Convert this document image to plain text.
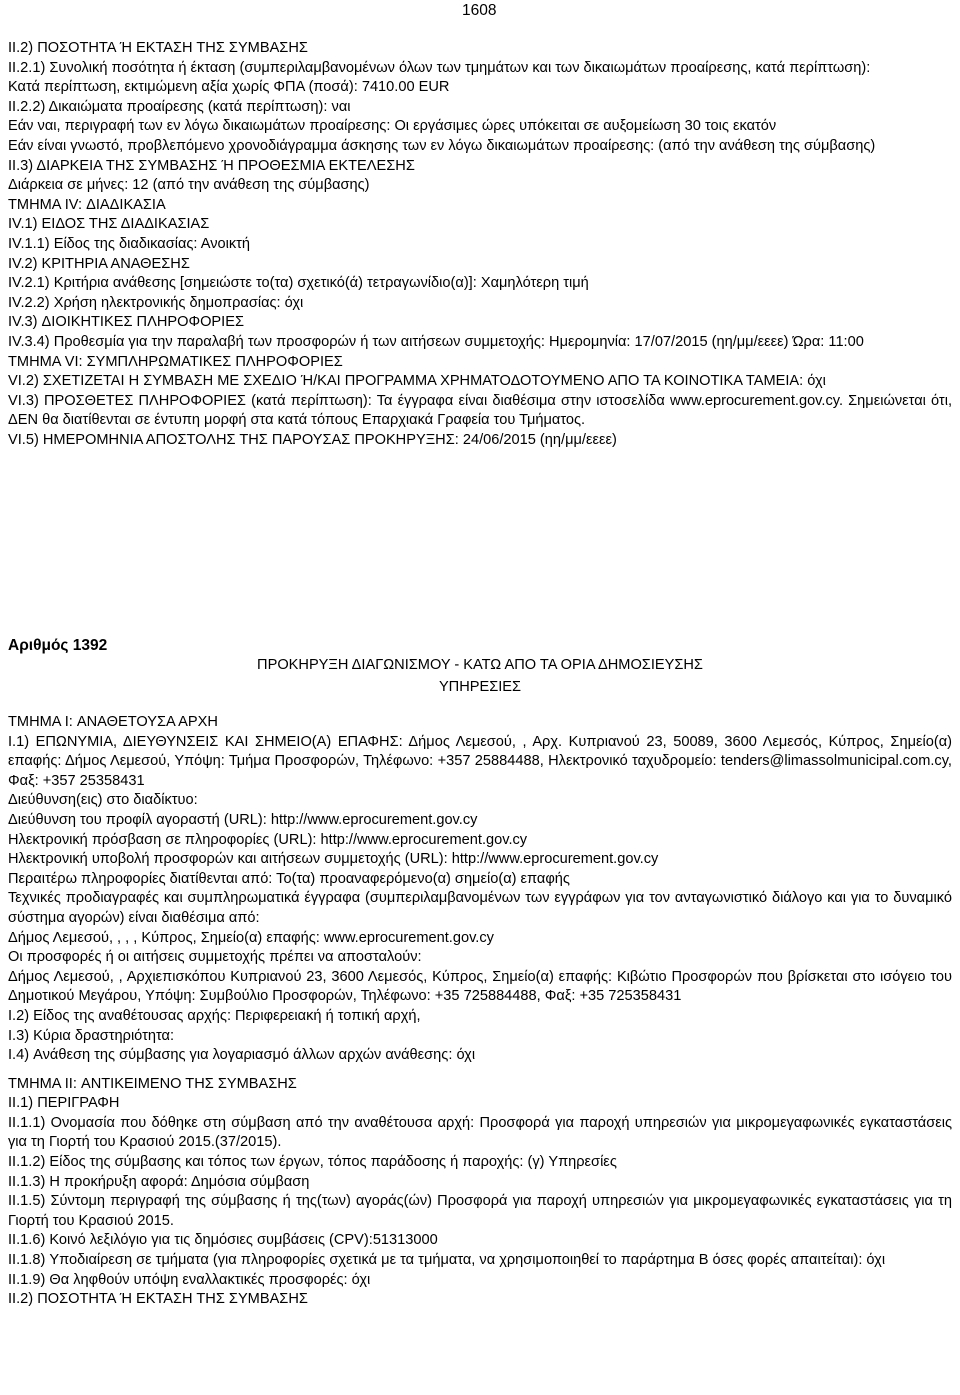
1608

ΙΙ.2) ΠΟΣΟΤΗΤΑ Ή ΕΚΤΑΣΗ ΤΗΣ ΣΥΜΒΑΣΗΣ

ΙΙ.2.1) Συνολική ποσότητα ή έκταση (συμπεριλαμβανομένων όλων των τμημάτων και των δικαιωμάτων προαίρεσης, κατά περίπτωση):

Κατά περίπτωση, εκτιμώμενη αξία χωρίς ΦΠΑ (ποσά): 7410.00 EUR

ΙΙ.2.2) Δικαιώματα προαίρεσης (κατά περίπτωση): ναι

Εάν ναι, περιγραφή των εν λόγω δικαιωμάτων προαίρεσης: Οι εργάσιμες ώρες υπόκειται σε αυξομείωση 30 τοις εκατόν

Εάν είναι γνωστό, προβλεπόμενο χρονοδιάγραμμα άσκησης των εν λόγω δικαιωμάτων προαίρεσης: (από την ανάθεση της σύμβασης)

ΙΙ.3) ΔΙΑΡΚΕΙΑ ΤΗΣ ΣΥΜΒΑΣΗΣ Ή ΠΡΟΘΕΣΜΙΑ ΕΚΤΕΛΕΣΗΣ

Διάρκεια σε μήνες: 12 (από την ανάθεση της σύμβασης)

ΤΜΗΜΑ IV: ΔΙΑΔΙΚΑΣΙΑ

IV.1) ΕΙΔΟΣ ΤΗΣ ΔΙΑΔΙΚΑΣΙΑΣ

IV.1.1) Είδος της διαδικασίας: Ανοικτή

IV.2) ΚΡΙΤΗΡΙΑ ΑΝΑΘΕΣΗΣ

IV.2.1) Κριτήρια ανάθεσης [σημειώστε το(τα) σχετικό(ά) τετραγωνίδιο(α)]: Χαμηλότερη τιμή

IV.2.2) Χρήση ηλεκτρονικής δημοπρασίας: όχι

IV.3) ΔΙΟΙΚΗΤΙΚΕΣ ΠΛΗΡΟΦΟΡΙΕΣ

IV.3.4) Προθεσμία για την παραλαβή των προσφορών ή των αιτήσεων συμμετοχής: Ημερομηνία: 17/07/2015 (ηη/μμ/εεεε) Ώρα: 11:00

ΤΜΗΜΑ VI: ΣΥΜΠΛΗΡΩΜΑΤΙΚΕΣ ΠΛΗΡΟΦΟΡΙΕΣ

VI.2) ΣΧΕΤΙΖΕΤΑΙ Η ΣΥΜΒΑΣΗ ΜΕ ΣΧΕΔΙΟ Ή/ΚΑΙ ΠΡΟΓΡΑΜΜΑ ΧΡΗΜΑΤΟΔΟΤΟΥΜΕΝΟ ΑΠΟ ΤΑ ΚΟΙΝΟΤΙΚΑ ΤΑΜΕΙΑ: όχι

VI.3) ΠΡΟΣΘΕΤΕΣ ΠΛΗΡΟΦΟΡΙΕΣ (κατά περίπτωση): Τα έγγραφα είναι διαθέσιμα στην ιστοσελίδα www.eprocurement.gov.cy. Σημειώνεται ότι, ΔΕΝ θα διατίθενται σε έντυπη μορφή στα κατά τόπους Επαρχιακά Γραφεία του Τμήματος.

VI.5) ΗΜΕΡΟΜΗΝΙΑ ΑΠΟΣΤΟΛΗΣ ΤΗΣ ΠΑΡΟΥΣΑΣ ΠΡΟΚΗΡΥΞΗΣ: 24/06/2015 (ηη/μμ/εεεε)

Αριθμός 1392
ΠΡΟΚΗΡΥΞΗ ΔΙΑΓΩΝΙΣΜΟΥ - ΚΑΤΩ ΑΠΟ ΤΑ ΟΡΙΑ ΔΗΜΟΣΙΕΥΣΗΣ
ΥΠΗΡΕΣΙΕΣ

ΤΜΗΜΑ I: ΑΝΑΘΕΤΟΥΣΑ ΑΡΧΗ

I.1) ΕΠΩΝΥΜΙΑ, ΔΙΕΥΘΥΝΣΕΙΣ ΚΑΙ ΣΗΜΕΙΟ(Α) ΕΠΑΦΗΣ: Δήμος Λεμεσού, , Αρχ. Κυπριανού 23, 50089, 3600 Λεμεσός, Κύπρος, Σημείο(α) επαφής: Δήμος Λεμεσού, Υπόψη: Τμήμα Προσφορών, Τηλέφωνο: +357 25884488, Ηλεκτρονικό ταχυδρομείο: tenders@limassolmunicipal.com.cy, Φαξ: +357 25358431

Διεύθυνση(εις) στο διαδίκτυο:

Διεύθυνση του προφίλ αγοραστή (URL): http://www.eprocurement.gov.cy

Ηλεκτρονική πρόσβαση σε πληροφορίες (URL): http://www.eprocurement.gov.cy

Ηλεκτρονική υποβολή προσφορών και αιτήσεων συμμετοχής (URL): http://www.eprocurement.gov.cy

Περαιτέρω πληροφορίες διατίθενται από: Το(τα) προαναφερόμενο(α) σημείο(α) επαφής

Τεχνικές προδιαγραφές και συμπληρωματικά έγγραφα (συμπεριλαμβανομένων των εγγράφων για τον ανταγωνιστικό διάλογο και για το δυναμικό σύστημα αγορών) είναι διαθέσιμα από:

Δήμος Λεμεσού, , , , Κύπρος, Σημείο(α) επαφής: www.eprocurement.gov.cy

Οι προσφορές ή οι αιτήσεις συμμετοχής πρέπει να αποσταλούν:

Δήμος Λεμεσού, , Αρχιεπισκόπου Κυπριανού 23, 3600 Λεμεσός, Κύπρος, Σημείο(α) επαφής: Κιβώτιο Προσφορών που βρίσκεται στο ισόγειο του Δημοτικού Μεγάρου, Υπόψη: Συμβούλιο Προσφορών, Τηλέφωνο: +35 725884488, Φαξ: +35 725358431

I.2) Είδος της αναθέτουσας αρχής: Περιφερειακή ή τοπική αρχή,

I.3) Κύρια δραστηριότητα:

I.4) Ανάθεση της σύμβασης για λογαριασμό άλλων αρχών ανάθεσης: όχι

ΤΜΗΜΑ II: ΑΝΤΙΚΕΙΜΕΝΟ ΤΗΣ ΣΥΜΒΑΣΗΣ

II.1) ΠΕΡΙΓΡΑΦΗ

II.1.1) Ονομασία που δόθηκε στη σύμβαση από την αναθέτουσα αρχή: Προσφορά για παροχή υπηρεσιών για μικρομεγαφωνικές εγκαταστάσεις για τη Γιορτή του Κρασιού 2015.(37/2015).

II.1.2) Είδος της σύμβασης και τόπος των έργων, τόπος παράδοσης ή παροχής: (γ) Υπηρεσίες

II.1.3) Η προκήρυξη αφορά: Δημόσια σύμβαση

II.1.5) Σύντομη περιγραφή της σύμβασης ή της(των) αγοράς(ών) Προσφορά για παροχή υπηρεσιών για μικρομεγαφωνικές εγκαταστάσεις για τη Γιορτή του Κρασιού 2015.

II.1.6) Κοινό λεξιλόγιο για τις δημόσιες συμβάσεις (CPV):51313000

II.1.8) Υποδιαίρεση σε τμήματα (για πληροφορίες σχετικά με τα τμήματα, να χρησιμοποιηθεί το παράρτημα Β όσες φορές απαιτείται): όχι

II.1.9) Θα ληφθούν υπόψη εναλλακτικές προσφορές: όχι

II.2) ΠΟΣΟΤΗΤΑ Ή ΕΚΤΑΣΗ ΤΗΣ ΣΥΜΒΑΣΗΣ
